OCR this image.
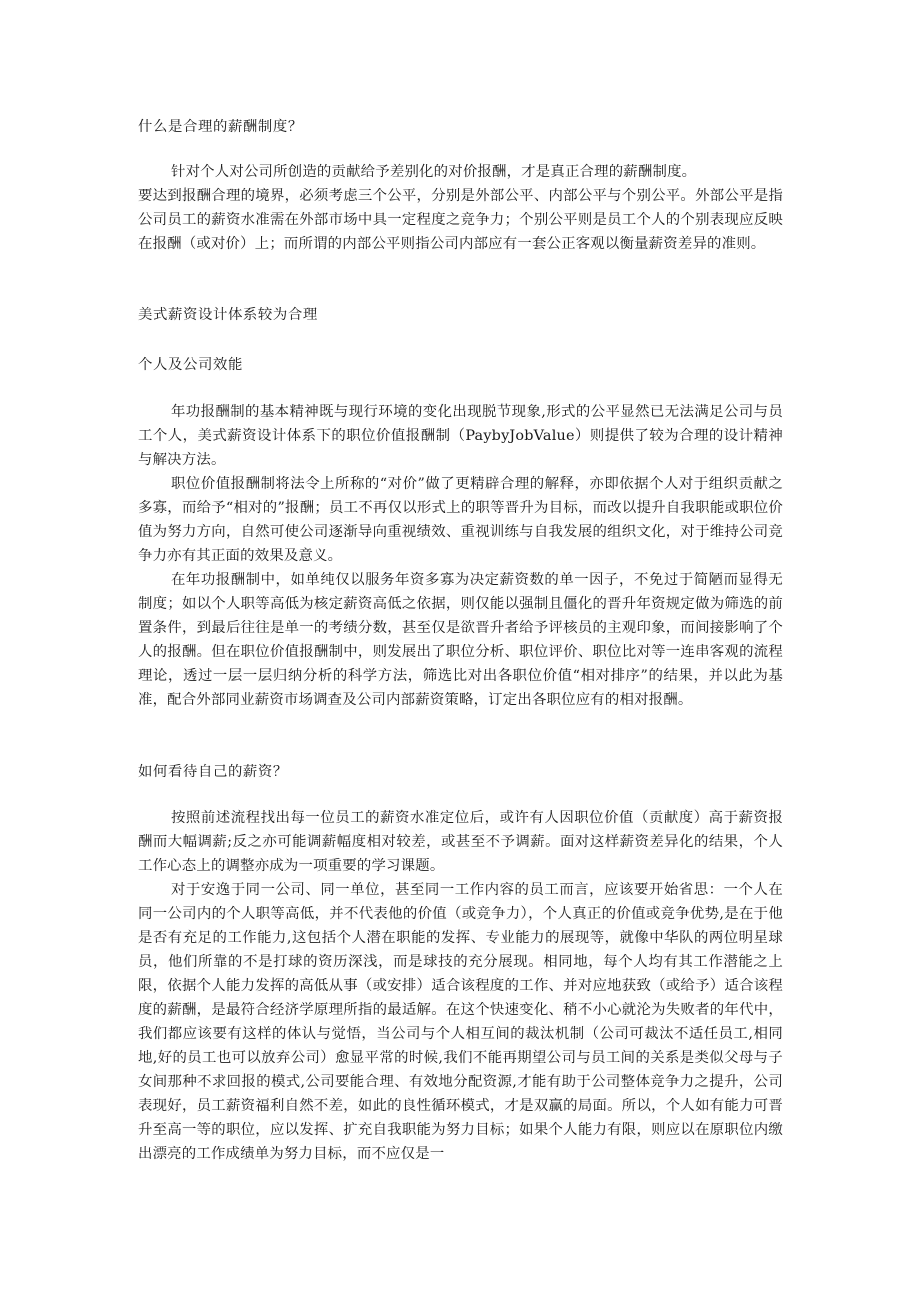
什么是合理的薪酬制度？

针对个人对公司所创造的贡献给予差别化的对价报酬，才是真正合理的薪酬制度。

要达到报酬合理的境界，必须考虑三个公平，分别是外部公平、内部公平与个别公平。外部公平是指公司员工的薪资水准需在外部市场中具一定程度之竞争力；个别公平则是员工个人的个别表现应反映在报酬（或对价）上；而所谓的内部公平则指公司内部应有一套公正客观以衡量薪资差异的准则。

美式薪资设计体系较为合理

个人及公司效能

年功报酬制的基本精神既与现行环境的变化出现脱节现象,形式的公平显然已无法满足公司与员工个人，美式薪资设计体系下的职位价值报酬制（PaybyJobValue）则提供了较为合理的设计精神与解决方法。

职位价值报酬制将法令上所称的“对价”做了更精辟合理的解释，亦即依据个人对于组织贡献之多寡，而给予“相对的”报酬；员工不再仅以形式上的职等晋升为目标，而改以提升自我职能或职位价值为努力方向，自然可使公司逐渐导向重视绩效、重视训练与自我发展的组织文化，对于维持公司竞争力亦有其正面的效果及意义。

在年功报酬制中，如单纯仅以服务年资多寡为决定薪资数的单一因子，不免过于简陋而显得无制度；如以个人职等高低为核定薪资高低之依据，则仅能以强制且僵化的晋升年资规定做为筛选的前置条件，到最后往往是单一的考绩分数，甚至仅是欲晋升者给予评核员的主观印象，而间接影响了个人的报酬。但在职位价值报酬制中，则发展出了职位分析、职位评价、职位比对等一连串客观的流程理论，透过一层一层归纳分析的科学方法，筛选比对出各职位价值“相对排序”的结果，并以此为基准，配合外部同业薪资市场调查及公司内部薪资策略，订定出各职位应有的相对报酬。

如何看待自己的薪资？

按照前述流程找出每一位员工的薪资水准定位后，或许有人因职位价值（贡献度）高于薪资报酬而大幅调薪;反之亦可能调薪幅度相对较差，或甚至不予调薪。面对这样薪资差异化的结果，个人工作心态上的调整亦成为一项重要的学习课题。

对于安逸于同一公司、同一单位，甚至同一工作内容的员工而言，应该要开始省思：一个人在同一公司内的个人职等高低，并不代表他的价值（或竞争力），个人真正的价值或竞争优势,是在于他是否有充足的工作能力,这包括个人潜在职能的发挥、专业能力的展现等，就像中华队的两位明星球员，他们所靠的不是打球的资历深浅，而是球技的充分展现。相同地，每个人均有其工作潜能之上限，依据个人能力发挥的高低从事（或安排）适合该程度的工作、并对应地获致（或给予）适合该程度的薪酬，是最符合经济学原理所指的最适解。在这个快速变化、稍不小心就沦为失败者的年代中，我们都应该要有这样的体认与觉悟，当公司与个人相互间的裁汰机制（公司可裁汰不适任员工,相同地,好的员工也可以放弃公司）愈显平常的时候,我们不能再期望公司与员工间的关系是类似父母与子女间那种不求回报的模式,公司要能合理、有效地分配资源,才能有助于公司整体竞争力之提升，公司表现好，员工薪资福利自然不差，如此的良性循环模式，才是双赢的局面。所以，个人如有能力可晋升至高一等的职位，应以发挥、扩充自我职能为努力目标；如果个人能力有限，则应以在原职位内缴出漂亮的工作成绩单为努力目标，而不应仅是一
